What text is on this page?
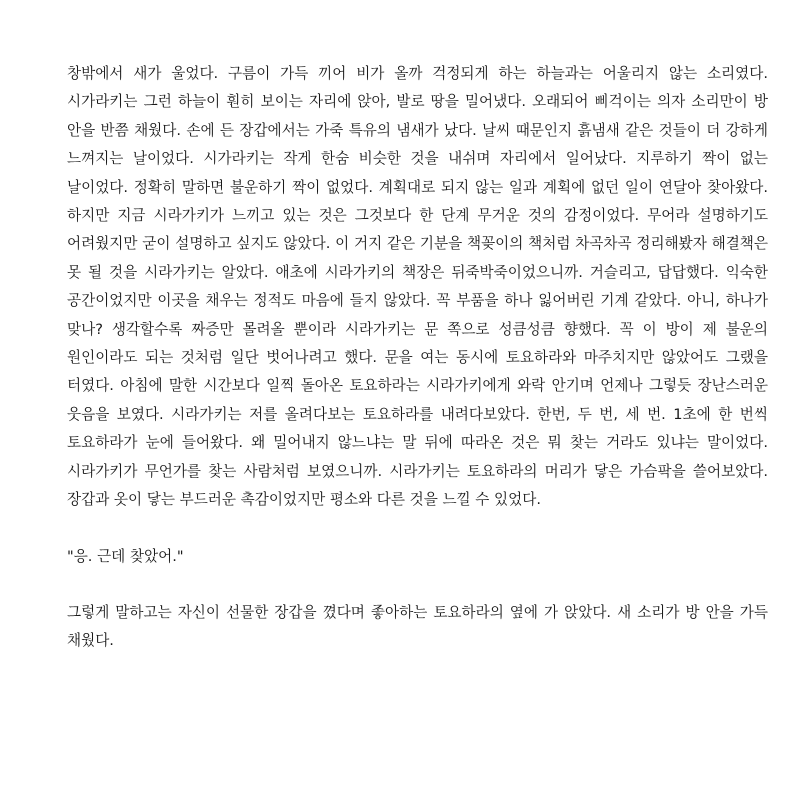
창밖에서 새가 울었다. 구름이 가득 끼어 비가 올까 걱정되게 하는 하늘과는 어울리지 않는 소리였다. 시가라키는 그런 하늘이 훤히 보이는 자리에 앉아, 발로 땅을 밀어냈다. 오래되어 삐걱이는 의자 소리만이 방 안을 반쯤 채웠다. 손에 든 장갑에서는 가죽 특유의 냄새가 났다. 날씨 때문인지 흙냄새 같은 것들이 더 강하게 느껴지는 날이었다. 시가라키는 작게 한숨 비슷한 것을 내쉬며 자리에서 일어났다. 지루하기 짝이 없는 날이었다. 정확히 말하면 불운하기 짝이 없었다. 계획대로 되지 않는 일과 계획에 없던 일이 연달아 찾아왔다. 하지만 지금 시라가키가 느끼고 있는 것은 그것보다 한 단계 무거운 것의 감정이었다. 무어라 설명하기도 어려웠지만 굳이 설명하고 싶지도 않았다. 이 거지 같은 기분을 책꽂이의 책처럼 차곡차곡 정리해봤자 해결책은 못 될 것을 시라가키는 알았다. 애초에 시라가키의 책장은 뒤죽박죽이었으니까. 거슬리고, 답답했다. 익숙한 공간이었지만 이곳을 채우는 정적도 마음에 들지 않았다. 꼭 부품을 하나 잃어버린 기계 같았다. 아니, 하나가 맞나? 생각할수록 짜증만 몰려올 뿐이라 시라가키는 문 쪽으로 성큼성큼 향했다. 꼭 이 방이 제 불운의 원인이라도 되는 것처럼 일단 벗어나려고 했다. 문을 여는 동시에 토요하라와 마주치지만 않았어도 그랬을 터였다. 아침에 말한 시간보다 일찍 돌아온 토요하라는 시라가키에게 와락 안기며 언제나 그렇듯 장난스러운 웃음을 보였다. 시라가키는 저를 올려다보는 토요하라를 내려다보았다. 한번, 두 번, 세 번. 1초에 한 번씩 토요하라가 눈에 들어왔다. 왜 밀어내지 않느냐는 말 뒤에 따라온 것은 뭐 찾는 거라도 있냐는 말이었다. 시라가키가 무언가를 찾는 사람처럼 보였으니까. 시라가키는 토요하라의 머리가 닿은 가슴팍을 쓸어보았다. 장갑과 옷이 닿는 부드러운 촉감이었지만 평소와 다른 것을 느낄 수 있었다.

"응. 근데 찾았어."

그렇게 말하고는 자신이 선물한 장갑을 꼈다며 좋아하는 토요하라의 옆에 가 앉았다. 새 소리가 방 안을 가득 채웠다.
